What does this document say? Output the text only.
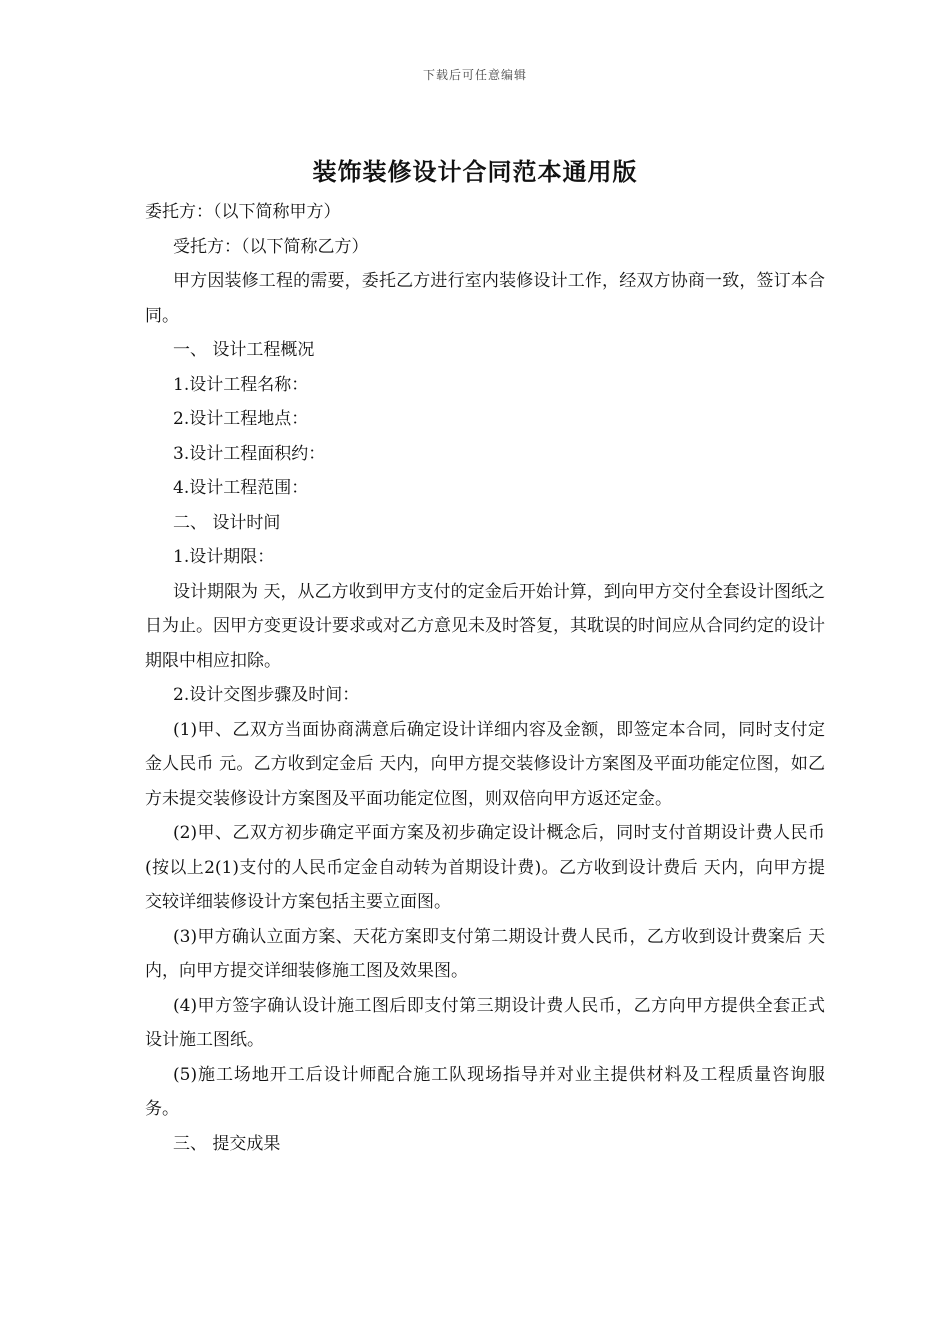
下载后可任意编辑
装饰装修设计合同范本通用版

委托方：（以下简称甲方）

受托方：（以下简称乙方）

甲方因装修工程的需要，委托乙方进行室内装修设计工作，经双方协商一致，签订本合同。

一、 设计工程概况

1.设计工程名称：

2.设计工程地点：

3.设计工程面积约：

4.设计工程范围：

二、 设计时间

1.设计期限：

设计期限为 天，从乙方收到甲方支付的定金后开始计算，到向甲方交付全套设计图纸之日为止。因甲方变更设计要求或对乙方意见未及时答复，其耽误的时间应从合同约定的设计期限中相应扣除。

2.设计交图步骤及时间：

(1)甲、乙双方当面协商满意后确定设计详细内容及金额，即签定本合同，同时支付定金人民币 元。乙方收到定金后 天内，向甲方提交装修设计方案图及平面功能定位图，如乙方未提交装修设计方案图及平面功能定位图，则双倍向甲方返还定金。

(2)甲、乙双方初步确定平面方案及初步确定设计概念后，同时支付首期设计费人民币 (按以上2(1)支付的人民币定金自动转为首期设计费)。乙方收到设计费后 天内，向甲方提交较详细装修设计方案包括主要立面图。

(3)甲方确认立面方案、天花方案即支付第二期设计费人民币，乙方收到设计费案后 天内，向甲方提交详细装修施工图及效果图。

(4)甲方签字确认设计施工图后即支付第三期设计费人民币，乙方向甲方提供全套正式设计施工图纸。

(5)施工场地开工后设计师配合施工队现场指导并对业主提供材料及工程质量咨询服务。

三、 提交成果
